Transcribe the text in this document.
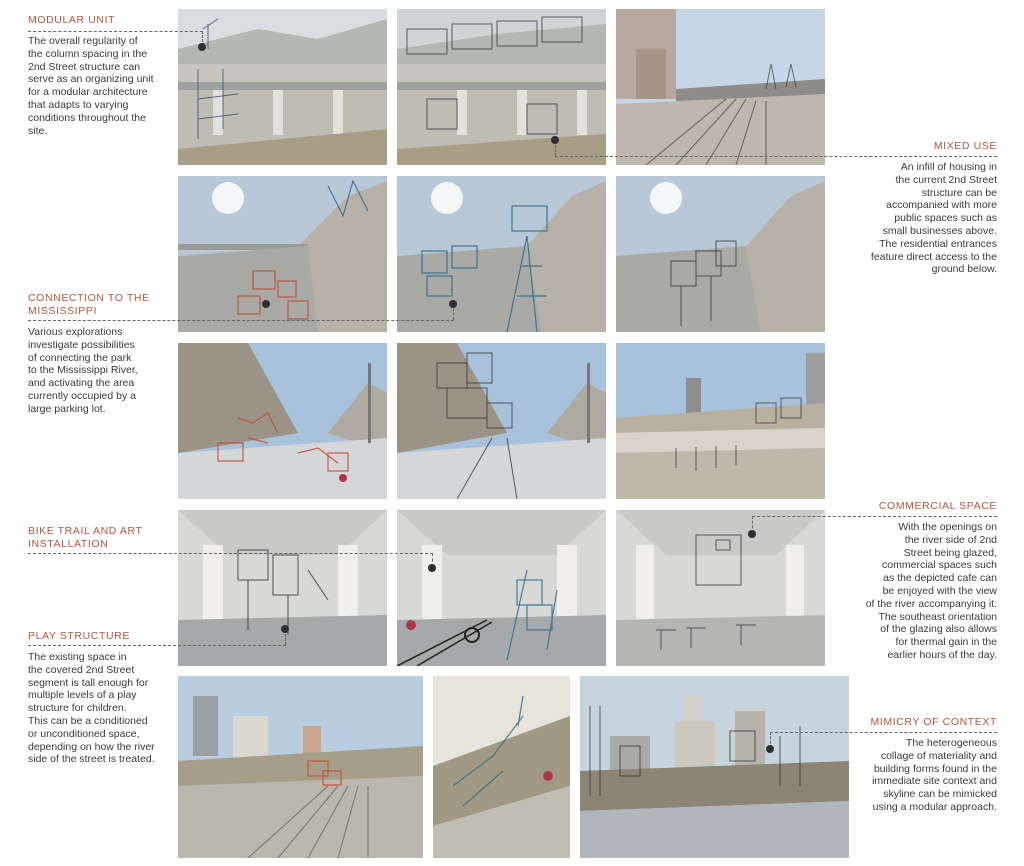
MODULAR UNIT
The overall regularity of
the column spacing in the
2nd Street structure can
serve as an organizing unit
for a modular architecture
that adapts to varying
conditions throughout the
site.
MIXED USE
An infill of housing in
the current 2nd Street
structure can be
accompanied with more
public spaces such as
small businesses above.
The residential entrances
feature direct access to the
ground below.
CONNECTION TO THE
MISSISSIPPI
Various explorations
investigate possibilities
of connecting the park
to the Mississippi River,
and activating the area
currently occupied by a
large parking lot.
COMMERCIAL SPACE
With the openings on
the river side of 2nd
Street being glazed,
commercial spaces such
as the depicted cafe can
be enjoyed with the view
of the river accompanying it.
The southeast orientation
of the glazing also allows
for thermal gain in the
earlier hours of the day.
BIKE TRAIL AND ART
INSTALLATION
PLAY STRUCTURE
The existing space in
the covered 2nd Street
segment is tall enough for
multiple levels of a play
structure for children.
This can be a conditioned
or unconditioned space,
depending on how the river
side of the street is treated.
MIMICRY OF CONTEXT
The heterogeneous
collage of materiality and
building forms found in the
immediate site context and
skyline can be mimicked
using a modular approach.
